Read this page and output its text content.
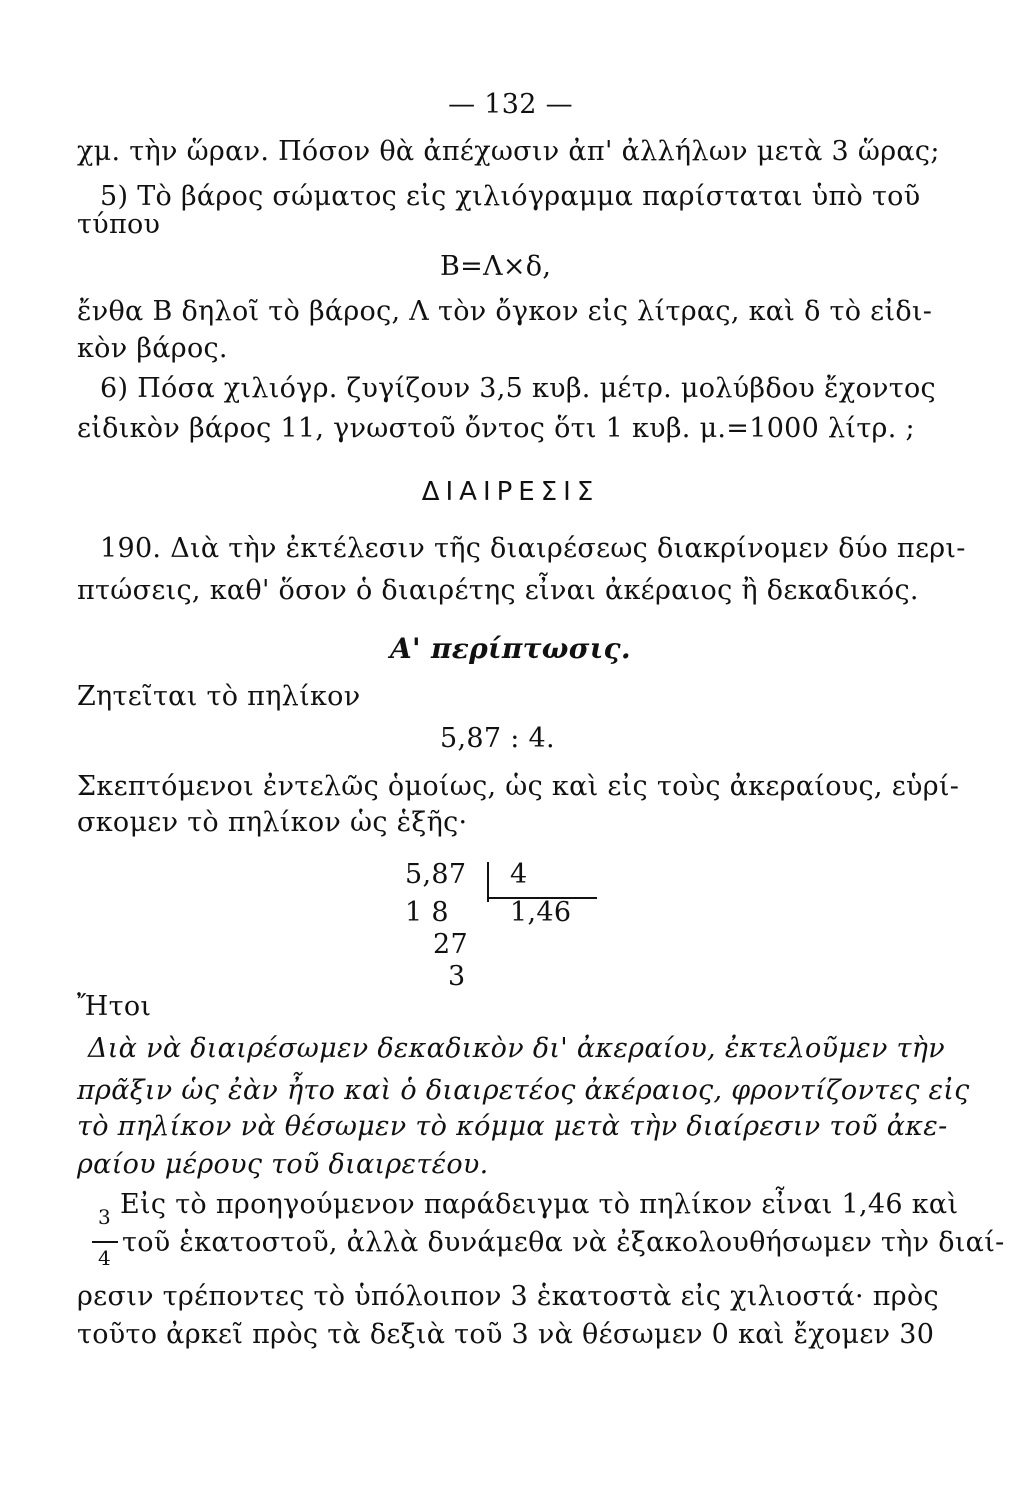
— 132 —
χμ. τὴν ὥραν. Πόσον θὰ ἀπέχωσιν ἀπ' ἀλλήλων μετὰ 3 ὥρας;
5) Τὸ βάρος σώματος εἰς χιλιόγραμμα παρίσταται ὑπὸ τοῦ
τύπου
Β=Λ×δ,
ἔνθα Β δηλοῖ τὸ βάρος, Λ τὸν ὄγκον εἰς λίτρας, καὶ δ τὸ εἰδι-
κὸν βάρος.
6) Πόσα χιλιόγρ. ζυγίζουν 3,5 κυβ. μέτρ. μολύβδου ἔχοντος
εἰδικὸν βάρος 11, γνωστοῦ ὄντος ὅτι 1 κυβ. μ.=1000 λίτρ. ;
ΔΙΑΙΡΕΣΙΣ
190. Διὰ τὴν ἐκτέλεσιν τῆς διαιρέσεως διακρίνομεν δύο περι-
πτώσεις, καθ' ὅσον ὁ διαιρέτης εἶναι ἀκέραιος ἢ δεκαδικός.
Α' περίπτωσις.
Ζητεῖται τὸ πηλίκον
5,87 : 4.
Σκεπτόμενοι ἐντελῶς ὁμοίως, ὡς καὶ εἰς τοὺς ἀκεραίους, εὑρί-
σκομεν τὸ πηλίκον ὡς ἑξῆς·
5,87 4
1 8 1,46
27
3
Ἤτοι
Διὰ νὰ διαιρέσωμεν δεκαδικὸν δι' ἀκεραίου, ἐκτελοῦμεν τὴν
πρᾶξιν ὡς ἐὰν ἦτο καὶ ὁ διαιρετέος ἀκέραιος, φροντίζοντες εἰς
τὸ πηλίκον νὰ θέσωμεν τὸ κόμμα μετὰ τὴν διαίρεσιν τοῦ ἀκε-
ραίου μέρους τοῦ διαιρετέου.
Εἰς τὸ προηγούμενον παράδειγμα τὸ πηλίκον εἶναι 1,46 καὶ
3
4 τοῦ ἑκατοστοῦ, ἀλλὰ δυνάμεθα νὰ ἐξακολουθήσωμεν τὴν διαί-
ρεσιν τρέποντες τὸ ὑπόλοιπον 3 ἑκατοστὰ εἰς χιλιοστά· πρὸς
τοῦτο ἀρκεῖ πρὸς τὰ δεξιὰ τοῦ 3 νὰ θέσωμεν 0 καὶ ἔχομεν 30
